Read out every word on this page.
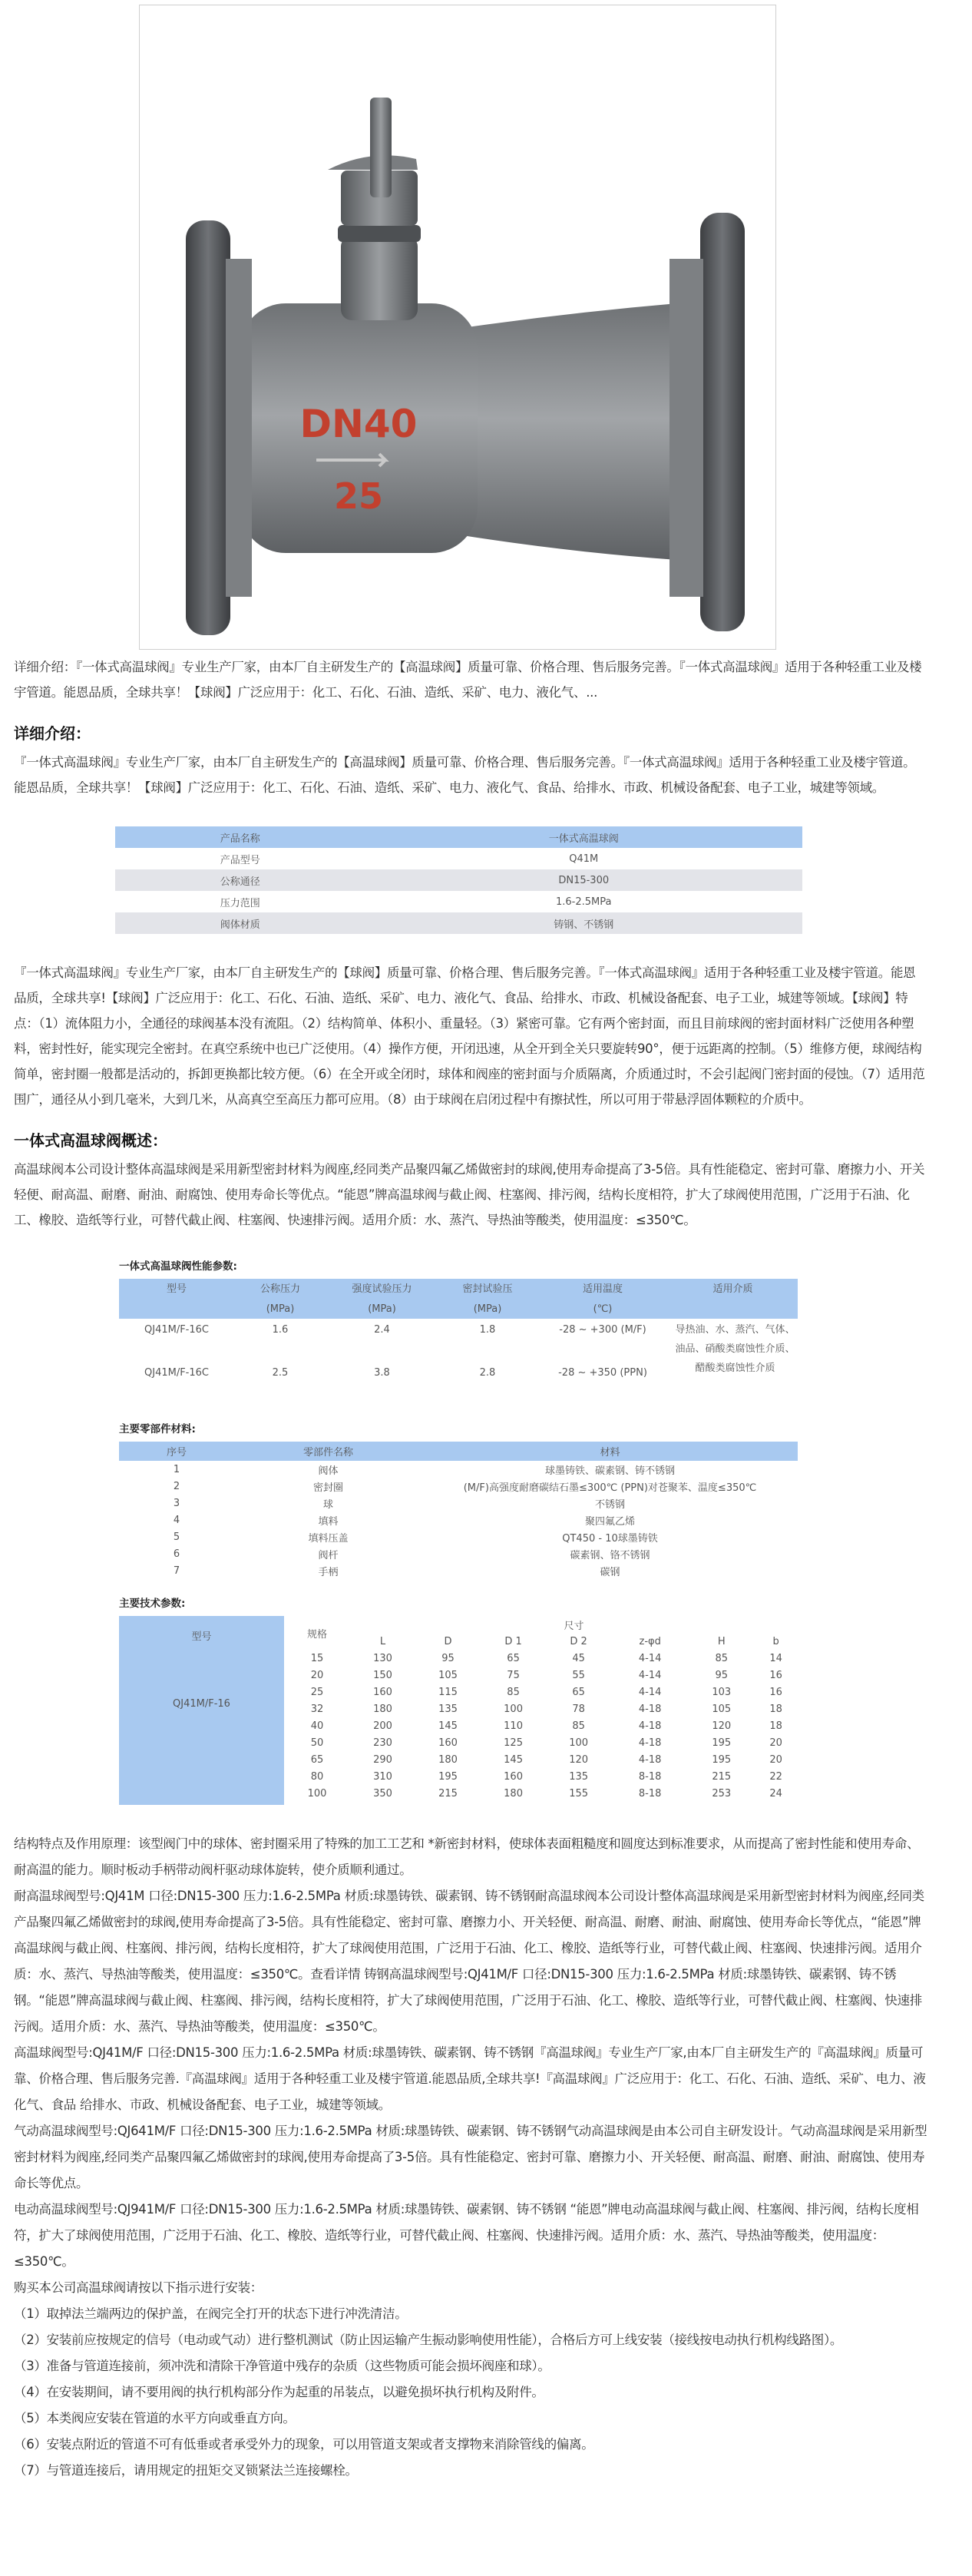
DN40
25

详细介绍：『一体式高温球阀』专业生产厂家，由本厂自主研发生产的【高温球阀】质量可靠、价格合理、售后服务完善。『一体式高温球阀』适用于各种轻重工业及楼宇管道。能恩品质，全球共享！【球阀】广泛应用于：化工、石化、石油、造纸、采矿、电力、液化气、...

详细介绍：

『一体式高温球阀』专业生产厂家，由本厂自主研发生产的【高温球阀】质量可靠、价格合理、售后服务完善。『一体式高温球阀』适用于各种轻重工业及楼宇管道。能恩品质，全球共享！【球阀】广泛应用于：化工、石化、石油、造纸、采矿、电力、液化气、食品、给排水、市政、机械设备配套、电子工业，城建等领域。

产品名称	一体式高温球阀
产品型号	Q41M
公称通径	DN15-300
压力范围	1.6-2.5MPa
阀体材质	铸钢、不锈钢

『一体式高温球阀』专业生产厂家，由本厂自主研发生产的【球阀】质量可靠、价格合理、售后服务完善。『一体式高温球阀』适用于各种轻重工业及楼宇管道。能恩品质，全球共享!【球阀】广泛应用于：化工、石化、石油、造纸、采矿、电力、液化气、食品、给排水、市政、机械设备配套、电子工业，城建等领域。【球阀】特点：（1）流体阻力小，全通径的球阀基本没有流阻。（2）结构简单、体积小、重量轻。（3）紧密可靠。它有两个密封面，而且目前球阀的密封面材料广泛使用各种塑料，密封性好，能实现完全密封。在真空系统中也已广泛使用。（4）操作方便，开闭迅速，从全开到全关只要旋转90°，便于远距离的控制。（5）维修方便，球阀结构简单，密封圈一般都是活动的，拆卸更换都比较方便。（6）在全开或全闭时，球体和阀座的密封面与介质隔离，介质通过时，不会引起阀门密封面的侵蚀。（7）适用范围广，通径从小到几毫米，大到几米，从高真空至高压力都可应用。（8）由于球阀在启闭过程中有擦拭性，所以可用于带悬浮固体颗粒的介质中。

一体式高温球阀概述：

高温球阀本公司设计整体高温球阀是采用新型密封材料为阀座,经同类产品聚四氟乙烯做密封的球阀,使用寿命提高了3-5倍。具有性能稳定、密封可靠、磨擦力小、开关轻便、耐高温、耐磨、耐油、耐腐蚀、使用寿命长等优点。“能恩”牌高温球阀与截止阀、柱塞阀、排污阀，结构长度相符，扩大了球阀使用范围，广泛用于石油、化工、橡胶、造纸等行业，可替代截止阀、柱塞阀、快速排污阀。适用介质：水、蒸汽、导热油等酸类，使用温度：≤350℃。

一体式高温球阀性能参数:
型号	公称压力	强度试验压力	密封试验压	适用温度	适用介质
	(MPa)	(MPa)	(MPa)	(℃)	
QJ41M/F-16C	1.6	2.4	1.8	-28 ~ +300 (M/F)	导热油、水、蒸汽、气体、油品、硝酸类腐蚀性介质、醋酸类腐蚀性介质
QJ41M/F-16C	2.5	3.8	2.8	-28 ~ +350 (PPN)	
主要零部件材料:
序号	零部件名称	材料
1	阀体	球墨铸铁、碳素钢、铸不锈钢
2	密封圈	(M/F)高强度耐磨碳结石墨≤300℃ (PPN)对苍聚苯、温度≤350℃
3	球	不锈钢
4	填料	聚四氟乙烯
5	填料压盖	QT450 - 10球墨铸铁
6	阀杆	碳素钢、铬不锈钢
7	手柄	碳钢
主要技术参数:
型号
QJ41M/F-16	规格	尺寸						
		L	D	D 1	D 2	z-φd	H	b
	15	130	95	65	45	4-14	85	14
	20	150	105	75	55	4-14	95	16
	25	160	115	85	65	4-14	103	16
	32	180	135	100	78	4-18	105	18
	40	200	145	110	85	4-18	120	18
	50	230	160	125	100	4-18	195	20
	65	290	180	145	120	4-18	195	20
	80	310	195	160	135	8-18	215	22
	100	350	215	180	155	8-18	253	24

结构特点及作用原理：该型阀门中的球体、密封圈采用了特殊的加工工艺和 *新密封材料，使球体表面粗糙度和圆度达到标准要求，从而提高了密封性能和使用寿命、耐高温的能力。顺时板动手柄带动阀杆驱动球体旋转，使介质顺利通过。

耐高温球阀型号:QJ41M 口径:DN15-300 压力:1.6-2.5MPa 材质:球墨铸铁、碳素钢、铸不锈钢耐高温球阀本公司设计整体高温球阀是采用新型密封材料为阀座,经同类产品聚四氟乙烯做密封的球阀,使用寿命提高了3-5倍。具有性能稳定、密封可靠、磨擦力小、开关轻便、耐高温、耐磨、耐油、耐腐蚀、使用寿命长等优点，“能恩”牌高温球阀与截止阀、柱塞阀、排污阀，结构长度相符，扩大了球阀使用范围，广泛用于石油、化工、橡胶、造纸等行业，可替代截止阀、柱塞阀、快速排污阀。适用介质：水、蒸汽、导热油等酸类，使用温度：≤350℃。查看详情 铸钢高温球阀型号:QJ41M/F 口径:DN15-300 压力:1.6-2.5MPa 材质:球墨铸铁、碳素钢、铸不锈钢。“能恩”牌高温球阀与截止阀、柱塞阀、排污阀，结构长度相符，扩大了球阀使用范围，广泛用于石油、化工、橡胶、造纸等行业，可替代截止阀、柱塞阀、快速排污阀。适用介质：水、蒸汽、导热油等酸类，使用温度：≤350℃。

高温球阀型号:QJ41M/F 口径:DN15-300 压力:1.6-2.5MPa 材质:球墨铸铁、碳素钢、铸不锈钢『高温球阀』专业生产厂家,由本厂自主研发生产的『高温球阀』质量可靠、价格合理、售后服务完善.『高温球阀』适用于各种轻重工业及楼宇管道.能恩品质,全球共享!『高温球阀』广泛应用于：化工、石化、石油、造纸、采矿、电力、液化气、食品 给排水、市政、机械设备配套、电子工业，城建等领域。

气动高温球阀型号:QJ641M/F 口径:DN15-300 压力:1.6-2.5MPa 材质:球墨铸铁、碳素钢、铸不锈钢气动高温球阀是由本公司自主研发设计。气动高温球阀是采用新型密封材料为阀座,经同类产品聚四氟乙烯做密封的球阀,使用寿命提高了3-5倍。具有性能稳定、密封可靠、磨擦力小、开关轻便、耐高温、耐磨、耐油、耐腐蚀、使用寿命长等优点。

电动高温球阀型号:QJ941M/F 口径:DN15-300 压力:1.6-2.5MPa 材质:球墨铸铁、碳素钢、铸不锈钢 “能恩”牌电动高温球阀与截止阀、柱塞阀、排污阀，结构长度相符，扩大了球阀使用范围，广泛用于石油、化工、橡胶、造纸等行业，可替代截止阀、柱塞阀、快速排污阀。适用介质：水、蒸汽、导热油等酸类，使用温度：≤350℃。

购买本公司高温球阀请按以下指示进行安装：

（1）取掉法兰端两边的保护盖，在阀完全打开的状态下进行冲洗清洁。

（2）安装前应按规定的信号（电动或气动）进行整机测试（防止因运输产生振动影响使用性能），合格后方可上线安装（接线按电动执行机构线路图）。

（3）准备与管道连接前，须冲洗和清除干净管道中残存的杂质（这些物质可能会损坏阀座和球）。

（4）在安装期间，请不要用阀的执行机构部分作为起重的吊装点，以避免损坏执行机构及附件。

（5）本类阀应安装在管道的水平方向或垂直方向。

（6）安装点附近的管道不可有低垂或者承受外力的现象，可以用管道支架或者支撑物来消除管线的偏离。

（7）与管道连接后，请用规定的扭矩交叉锁紧法兰连接螺栓。
